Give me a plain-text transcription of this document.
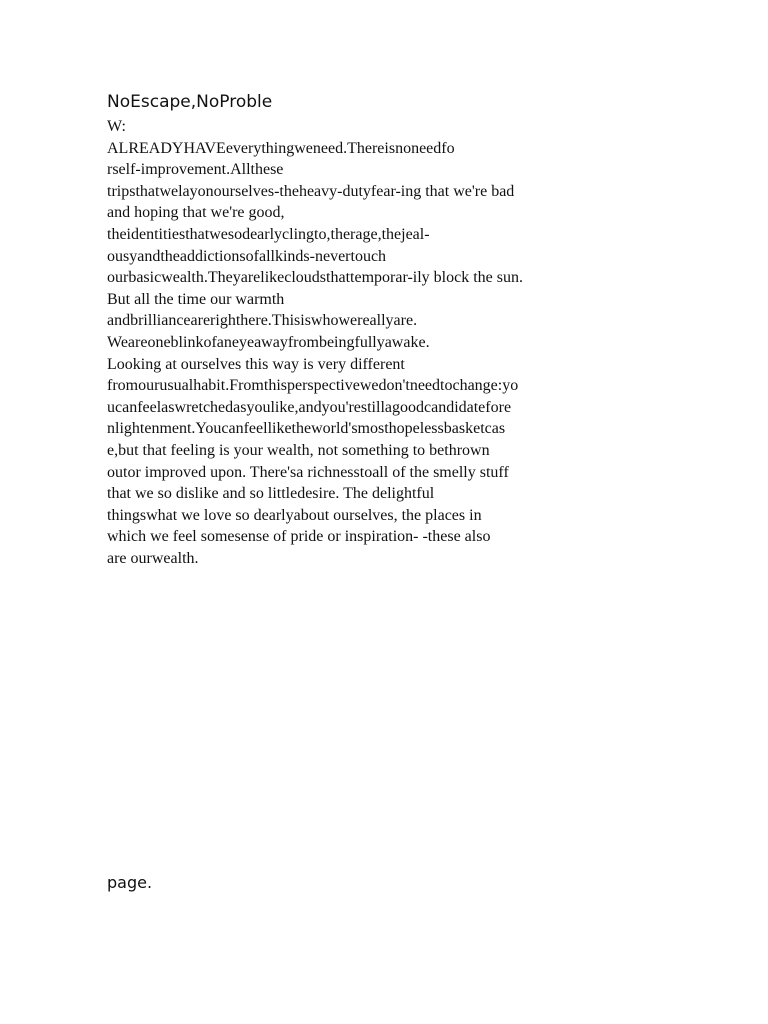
NoEscape,NoProble
W:
ALREADYHAVEeverythingweneed.Thereisnoneedfo
rself-improvement.Allthese
tripsthatwelayonourselves-theheavy-dutyfear-ing that we're bad
and hoping that we're good,
theidentitiesthatwesodearlyclingto,therage,thejeal-
ousyandtheaddictionsofallkinds-nevertouch
ourbasicwealth.Theyarelikecloudsthattemporar-ily block the sun.
But all the time our warmth
andbrilliancearerighthere.Thisiswhowereallyare.
Weareoneblinkofaneyeawayfrombeingfullyawake.
Looking at ourselves this way is very different
fromourusualhabit.Fromthisperspectivewedon'tneedtochange:yo
ucanfeelaswretchedasyoulike,andyou'restillagoodcandidatefore
nlightenment.Youcanfeelliketheworld'smosthopelessbasketcas
e,but that feeling is your wealth, not something to bethrown
outor improved upon. There'sa richnesstoall of the smelly stuff
that we so dislike and so littledesire. The delightful
thingswhat we love so dearlyabout ourselves, the places in
which we feel somesense of pride or inspiration- -these also
are ourwealth.
page.
